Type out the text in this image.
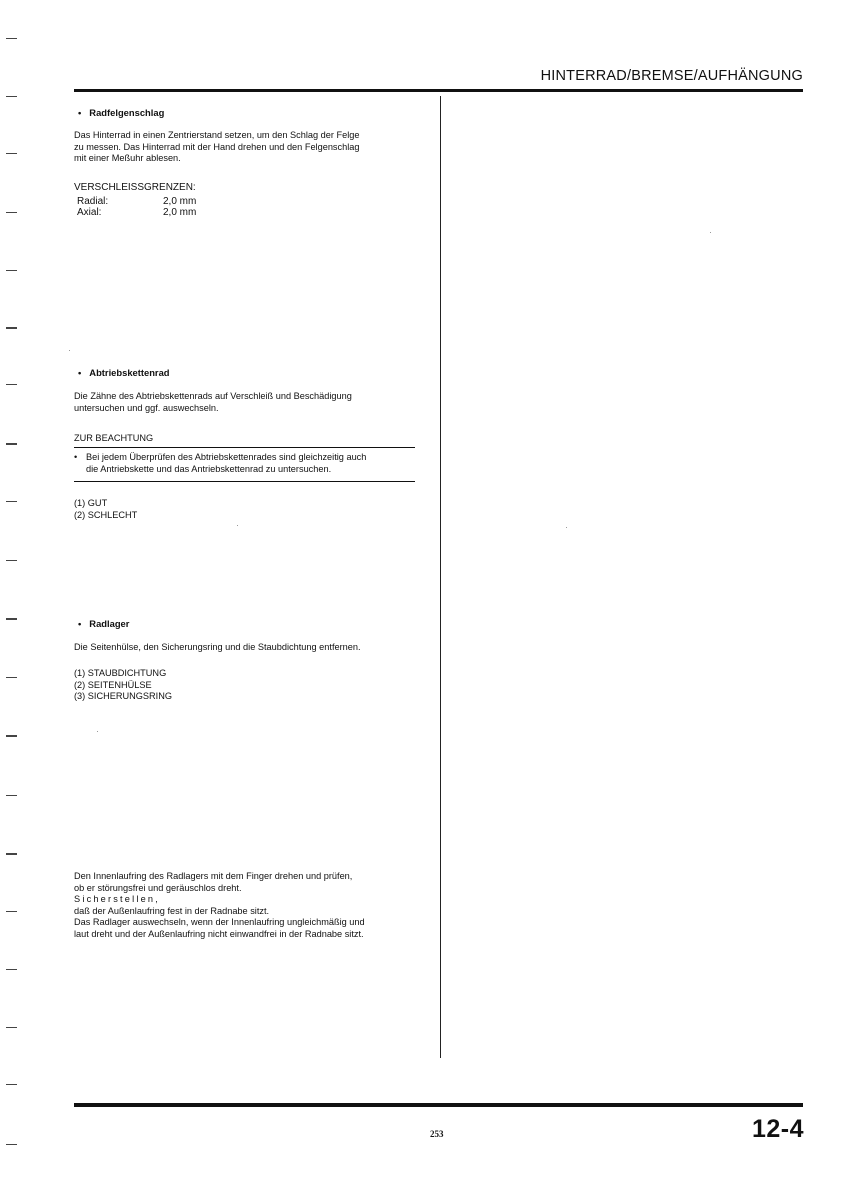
HINTERRAD/BREMSE/AUFHÄNGUNG
• Radfelgenschlag
Das Hinterrad in einen Zentrierstand setzen, um den Schlag der Felge
zu messen. Das Hinterrad mit der Hand drehen und den Felgenschlag
mit einer Meßuhr ablesen.
VERSCHLEISSGRENZEN:
Radial:	2,0 mm
Axial:	2,0 mm
• Abtriebskettenrad
Die Zähne des Abtriebskettenrads auf Verschleiß und Beschädigung
untersuchen und ggf. auswechseln.
ZUR BEACHTUNG
• Bei jedem Überprüfen des Abtriebskettenrades sind gleichzeitig auch
die Antriebskette und das Antriebskettenrad zu untersuchen.
(1) GUT
(2) SCHLECHT
• Radlager
Die Seitenhülse, den Sicherungsring und die Staubdichtung entfernen.
(1) STAUBDICHTUNG
(2) SEITENHÜLSE
(3) SICHERUNGSRING
Den Innenlaufring des Radlagers mit dem Finger drehen und prüfen,
ob er störungsfrei und geräuschlos dreht.
Sicherstellen,
daß der Außenlaufring fest in der Radnabe sitzt.
Das Radlager auswechseln, wenn der Innenlaufring ungleichmäßig und
laut dreht und der Außenlaufring nicht einwandfrei in der Radnabe sitzt.
253	12-4
